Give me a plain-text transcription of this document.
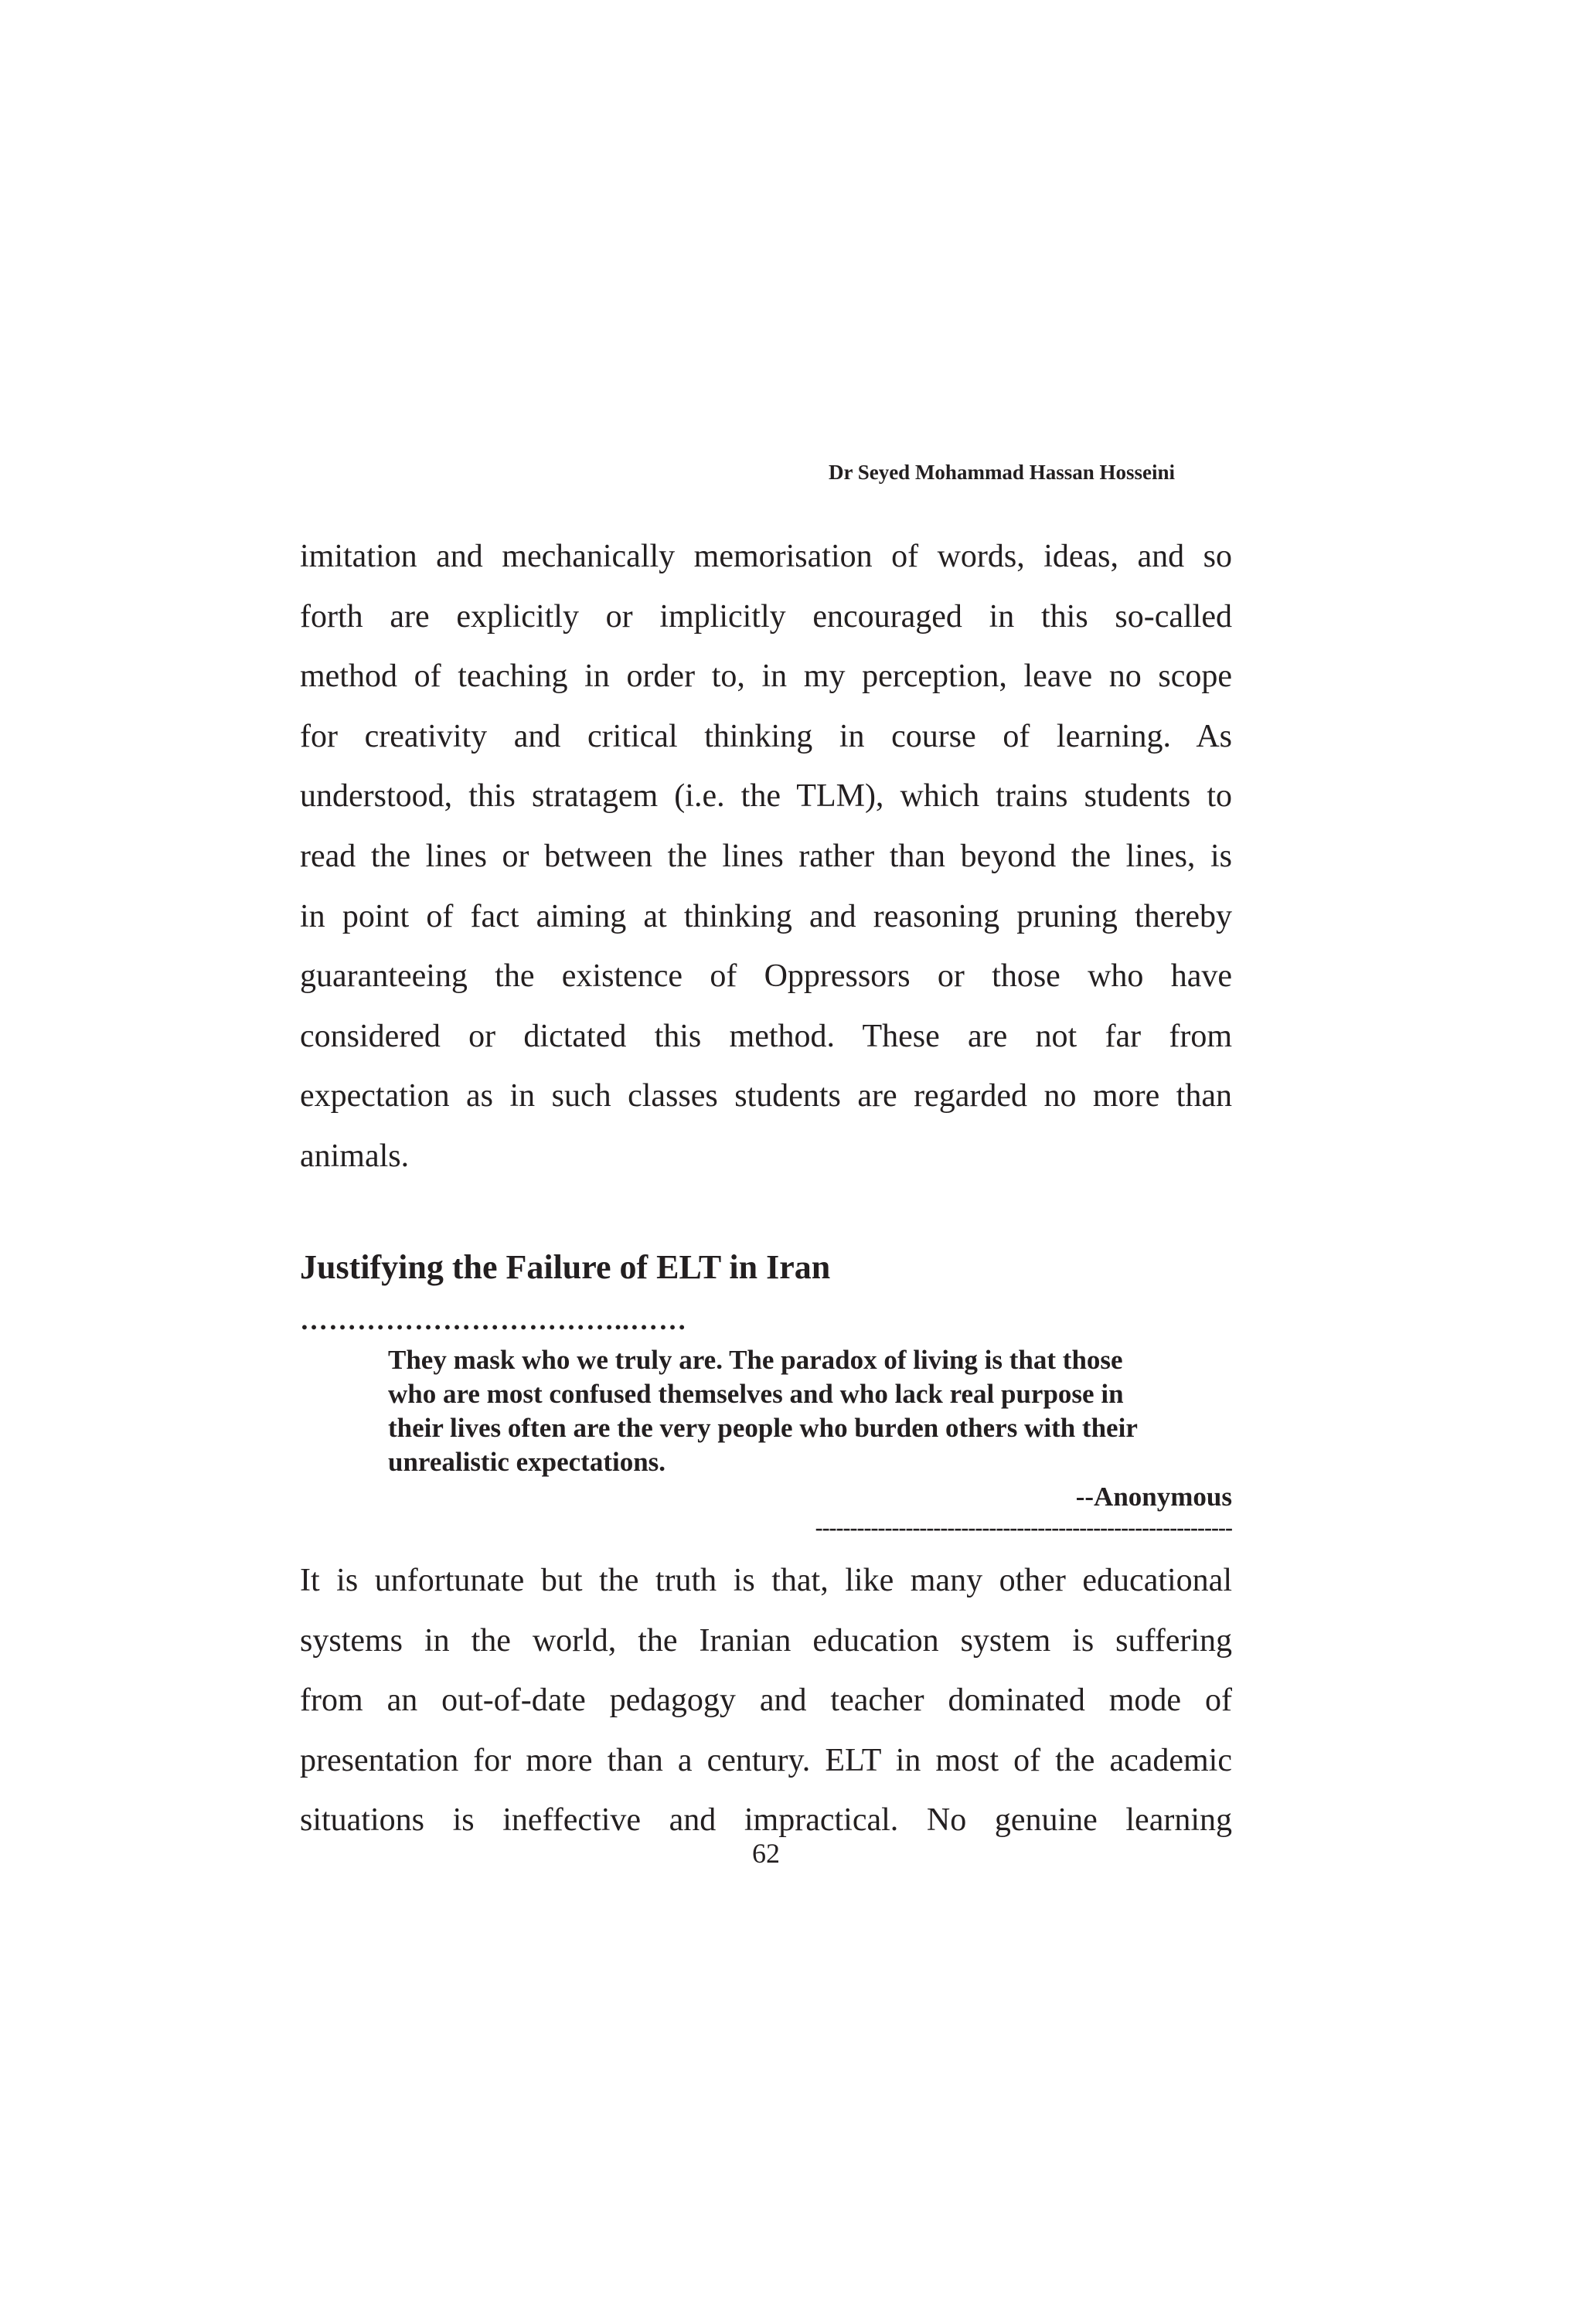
Dr Seyed Mohammad Hassan Hosseini
imitation and mechanically memorisation of words, ideas, and so
forth are explicitly or implicitly encouraged in this so-called
method of teaching in order to, in my perception, leave no scope
for creativity and critical thinking in course of learning. As
understood, this stratagem (i.e. the TLM), which trains students to
read the lines or between the lines rather than beyond the lines, is
in point of fact aiming at thinking and reasoning pruning thereby
guaranteeing the existence of Oppressors or those who have
considered or dictated this method. These are not far from
expectation as in such classes students are regarded no more than
animals.
Justifying the Failure of ELT in Iran
……………………………..……
They mask who we truly are. The paradox of living is that those
who are most confused themselves and who lack real purpose in
their lives often are the very people who burden others with their
unrealistic expectations.
--Anonymous
------------------------------------------------------------
It is unfortunate but the truth is that, like many other educational
systems in the world, the Iranian education system is suffering
from an out-of-date pedagogy and teacher dominated mode of
presentation for more than a century. ELT in most of the academic
situations is ineffective and impractical. No genuine learning
62
